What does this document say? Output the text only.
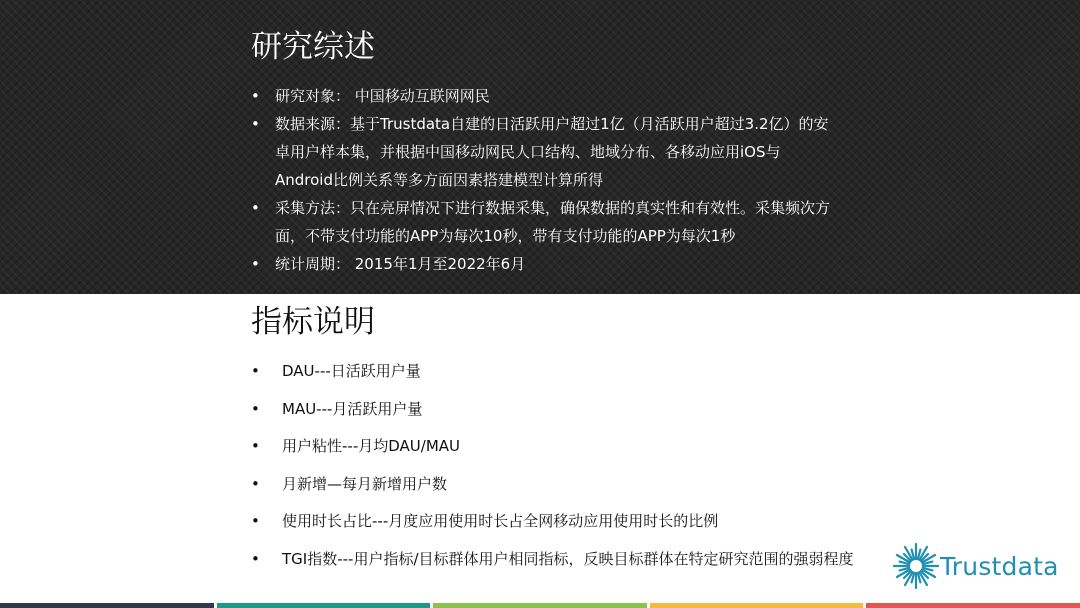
研究综述
•	研究对象： 中国移动互联网网民
•	数据来源：基于Trustdata自建的日活跃用户超过1亿（月活跃用户超过3.2亿）的安卓用户样本集，并根据中国移动网民人口结构、地域分布、各移动应用iOS与Android比例关系等多方面因素搭建模型计算所得
•	采集方法：只在亮屏情况下进行数据采集，确保数据的真实性和有效性。采集频次方面，不带支付功能的APP为每次10秒，带有支付功能的APP为每次1秒
•	统计周期： 2015年1月至2022年6月
指标说明
•	DAU---日活跃用户量
•	MAU---月活跃用户量
•	用户粘性---月均DAU/MAU
•	月新增—每月新增用户数
•	使用时长占比---月度应用使用时长占全网移动应用使用时长的比例
•	TGI指数---用户指标/目标群体用户相同指标，反映目标群体在特定研究范围的强弱程度	Trustdata
